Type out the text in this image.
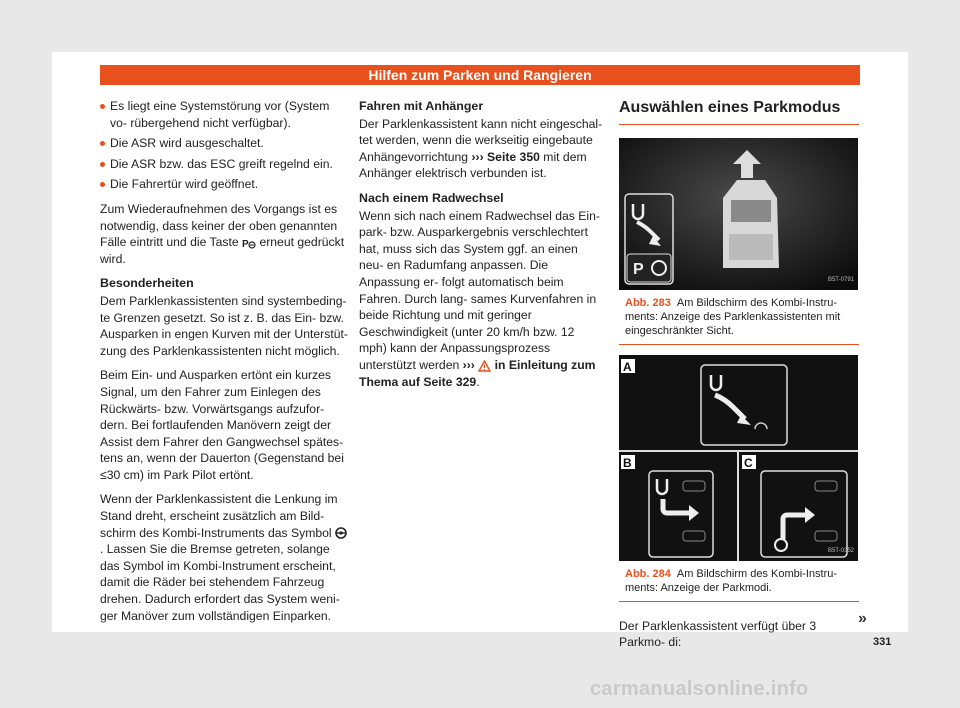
Hilfen zum Parken und Rangieren
Es liegt eine Systemstörung vor (System vo- rübergehend nicht verfügbar).
Die ASR wird ausgeschaltet.
Die ASR bzw. das ESC greift regelnd ein.
Die Fahrertür wird geöffnet.

Zum Wiederaufnehmen des Vorgangs ist es notwendig, dass keiner der oben genannten Fälle eintritt und die Taste P erneut gedrückt wird.

Besonderheiten

Dem Parklenkassistenten sind systembeding- te Grenzen gesetzt. So ist z. B. das Ein- bzw. Ausparken in engen Kurven mit der Unterstüt- zung des Parklenkassistenten nicht möglich.

Beim Ein- und Ausparken ertönt ein kurzes Signal, um den Fahrer zum Einlegen des Rückwärts- bzw. Vorwärtsgangs aufzufor- dern. Bei fortlaufenden Manövern zeigt der Assist dem Fahrer den Gangwechsel spätes- tens an, wenn der Dauerton (Gegenstand bei ≤30 cm) im Park Pilot ertönt.

Wenn der Parklenkassistent die Lenkung im Stand dreht, erscheint zusätzlich am Bild- schirm des Kombi-Instruments das Symbol . Lassen Sie die Bremse getreten, solange das Symbol im Kombi-Instrument erscheint, damit die Räder bei stehendem Fahrzeug drehen. Dadurch erfordert das System weni- ger Manöver zum vollständigen Einparken.

Fahren mit Anhänger

Der Parklenkassistent kann nicht eingeschal- tet werden, wenn die werkseitig eingebaute Anhängevorrichtung ››› Seite 350 mit dem Anhänger elektrisch verbunden ist.

Nach einem Radwechsel

Wenn sich nach einem Radwechsel das Ein- park- bzw. Ausparkergebnis verschlechtert hat, muss sich das System ggf. an einen neu- en Radumfang anpassen. Die Anpassung er- folgt automatisch beim Fahren. Durch lang- sames Kurvenfahren in beide Richtung und mit geringer Geschwindigkeit (unter 20 km/h bzw. 12 mph) kann der Anpassungsprozess unterstützt werden ››› in Einleitung zum Thema auf Seite 329.

Auswählen eines Parkmodus
P
B5T-0791
Abb. 283 Am Bildschirm des Kombi-Instru- ments: Anzeige des Parklenkassistenten mit eingeschränkter Sicht.
A
B	C
B5T-0352
Abb. 284 Am Bildschirm des Kombi-Instru- ments: Anzeige der Parkmodi.
Der Parklenkassistent verfügt über 3 Parkmo- di:
»
331
carmanualsonline.info
